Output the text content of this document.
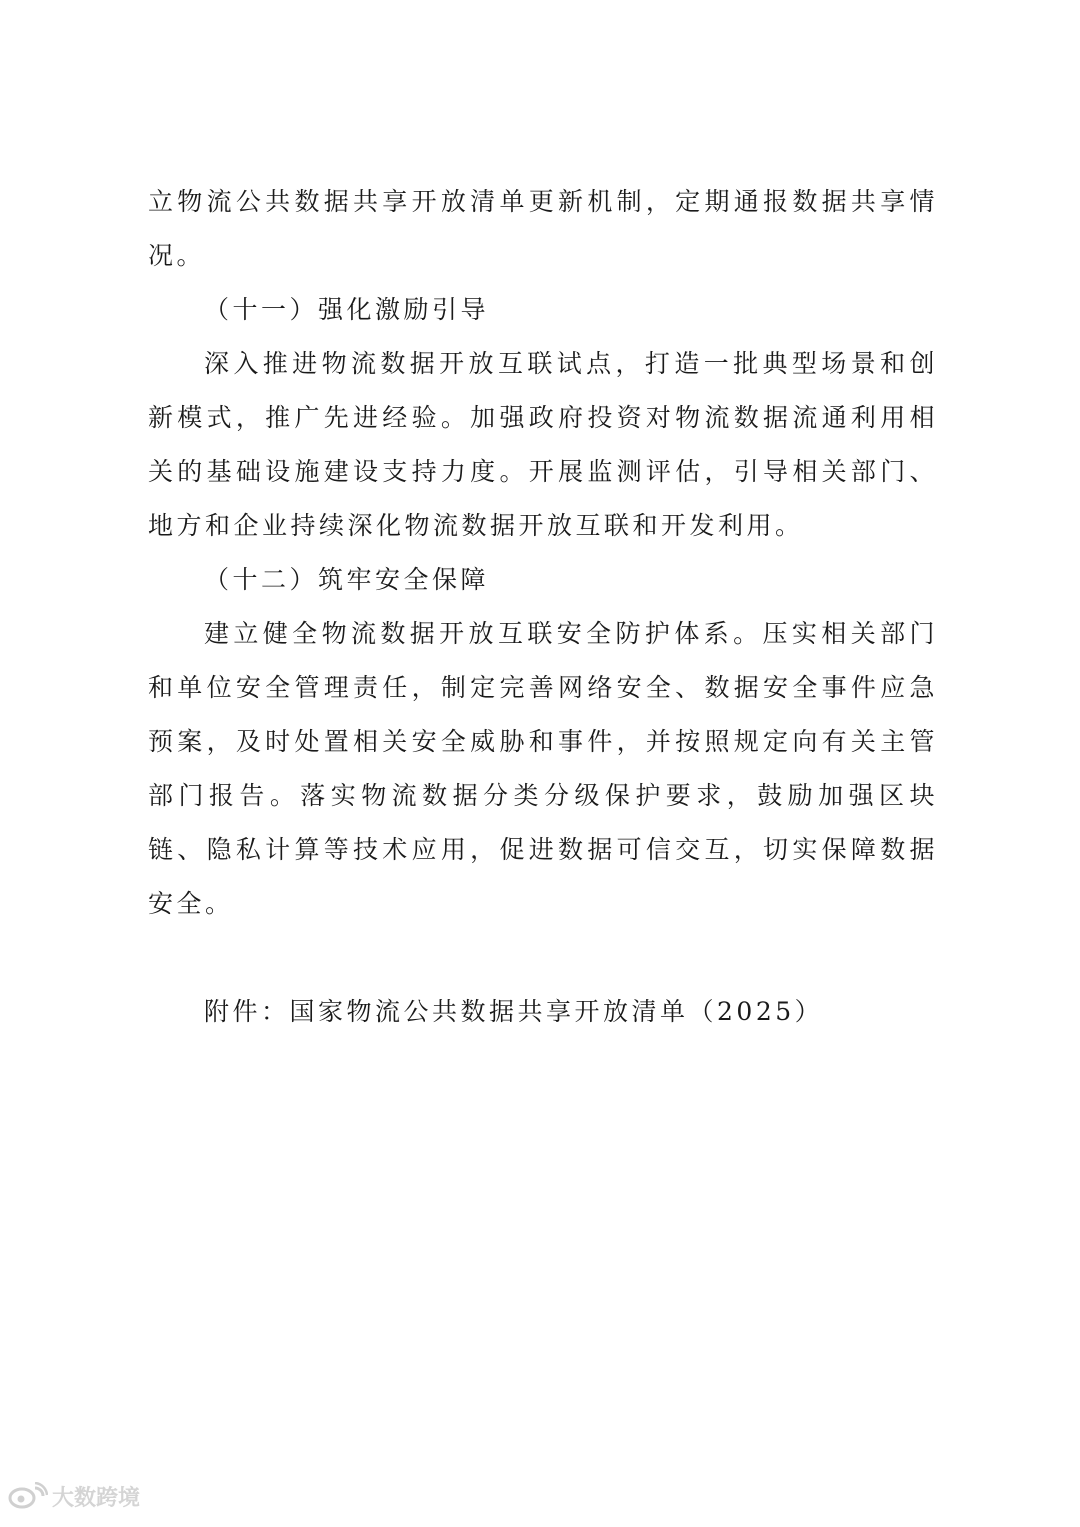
立物流公共数据共享开放清单更新机制，定期通报数据共享情况。

（十一）强化激励引导

深入推进物流数据开放互联试点，打造一批典型场景和创新模式，推广先进经验。加强政府投资对物流数据流通利用相关的基础设施建设支持力度。开展监测评估，引导相关部门、地方和企业持续深化物流数据开放互联和开发利用。

（十二）筑牢安全保障

建立健全物流数据开放互联安全防护体系。压实相关部门和单位安全管理责任，制定完善网络安全、数据安全事件应急预案，及时处置相关安全威胁和事件，并按照规定向有关主管部门报告。落实物流数据分类分级保护要求，鼓励加强区块链、隐私计算等技术应用，促进数据可信交互，切实保障数据安全。

附件：国家物流公共数据共享开放清单（2025）

大数跨境
